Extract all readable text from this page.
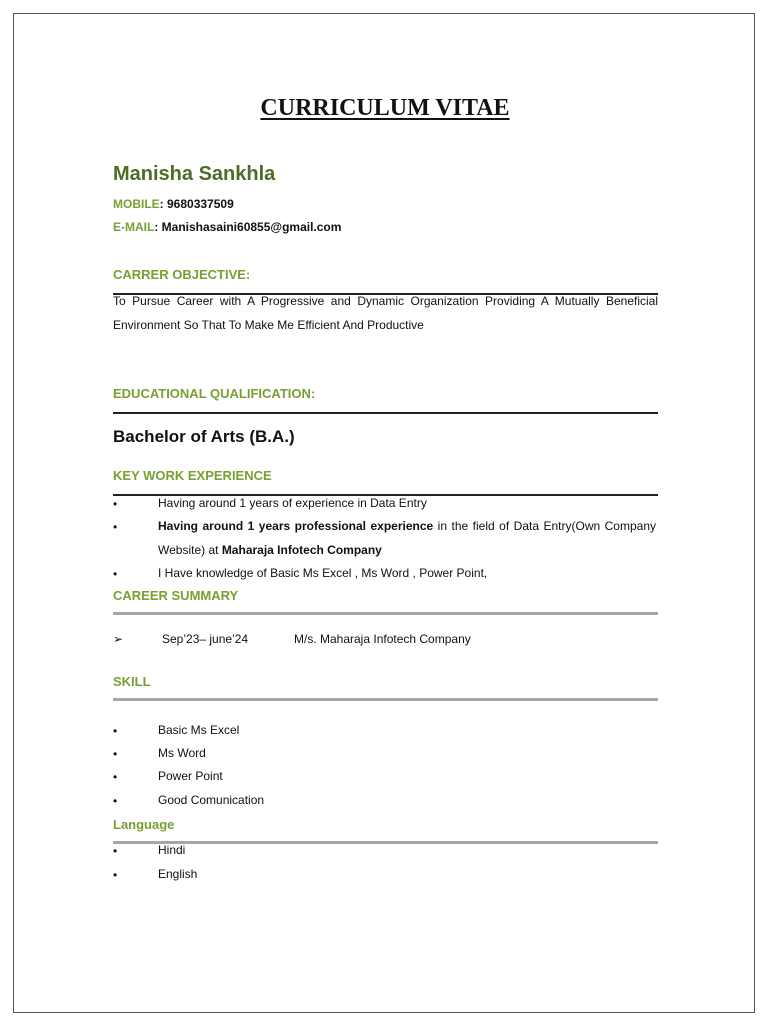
CURRICULUM VITAE
Manisha Sankhla
MOBILE: 9680337509
E-MAIL: Manishasaini60855@gmail.com
CARRER OBJECTIVE:
To Pursue Career with A Progressive and Dynamic Organization Providing A Mutually Beneficial Environment So That To Make Me Efficient And Productive
EDUCATIONAL QUALIFICATION:
Bachelor of Arts (B.A.)
KEY WORK EXPERIENCE
•	Having around 1 years of experience in Data Entry
•	Having around 1 years professional experience in the field of Data Entry(Own Company Website) at Maharaja Infotech Company
•	I Have knowledge of Basic Ms Excel , Ms Word , Power Point,
CAREER SUMMARY
➢	Sep’23– june’24	M/s. Maharaja Infotech Company
SKILL
•	Basic Ms Excel
•	Ms Word
•	Power Point
•	Good Comunication
Language
•	Hindi
•	English
